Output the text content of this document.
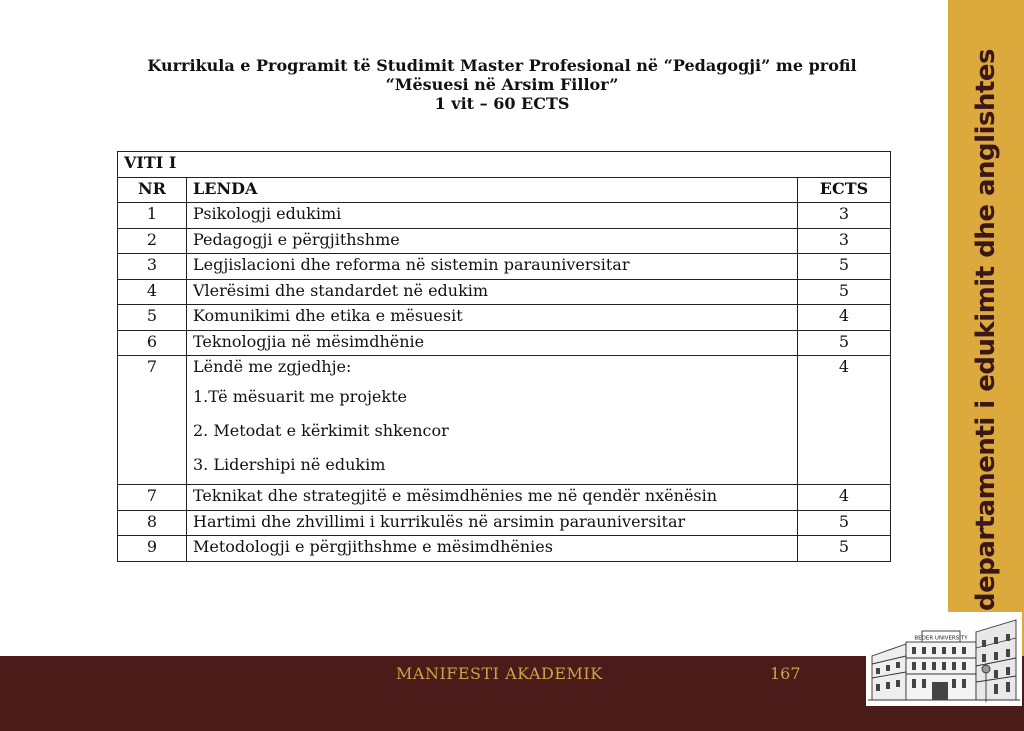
departamenti i edukimit dhe anglishtes
Kurrikula e Programit të Studimit Master Profesional në “Pedagogji” me profil
“Mësuesi në Arsim Fillor”
1 vit – 60 ECTS
VITI I		
NR	LENDA	ECTS
1	Psikologji edukimi	3
2	Pedagogji e përgjithshme	3
3	Legjislacioni dhe reforma në sistemin parauniversitar	5
4	Vlerësimi dhe standardet në edukim	5
5	Komunikimi dhe etika e mësuesit	4
6	Teknologjia në mësimdhënie	5
7	Lëndë me zgjedhje:
1.Të mësuarit me projekte
2. Metodat e kërkimit shkencor
3. Lidershipi në edukim	4
7	Teknikat dhe strategjitë e mësimdhënies me në qendër nxënësin	4
8	Hartimi dhe zhvillimi i kurrikulës në arsimin parauniversitar	5
9	Metodologji e përgjithshme e mësimdhënies	5
MANIFESTI AKADEMIK	167
BEDER UNIVERSITY
